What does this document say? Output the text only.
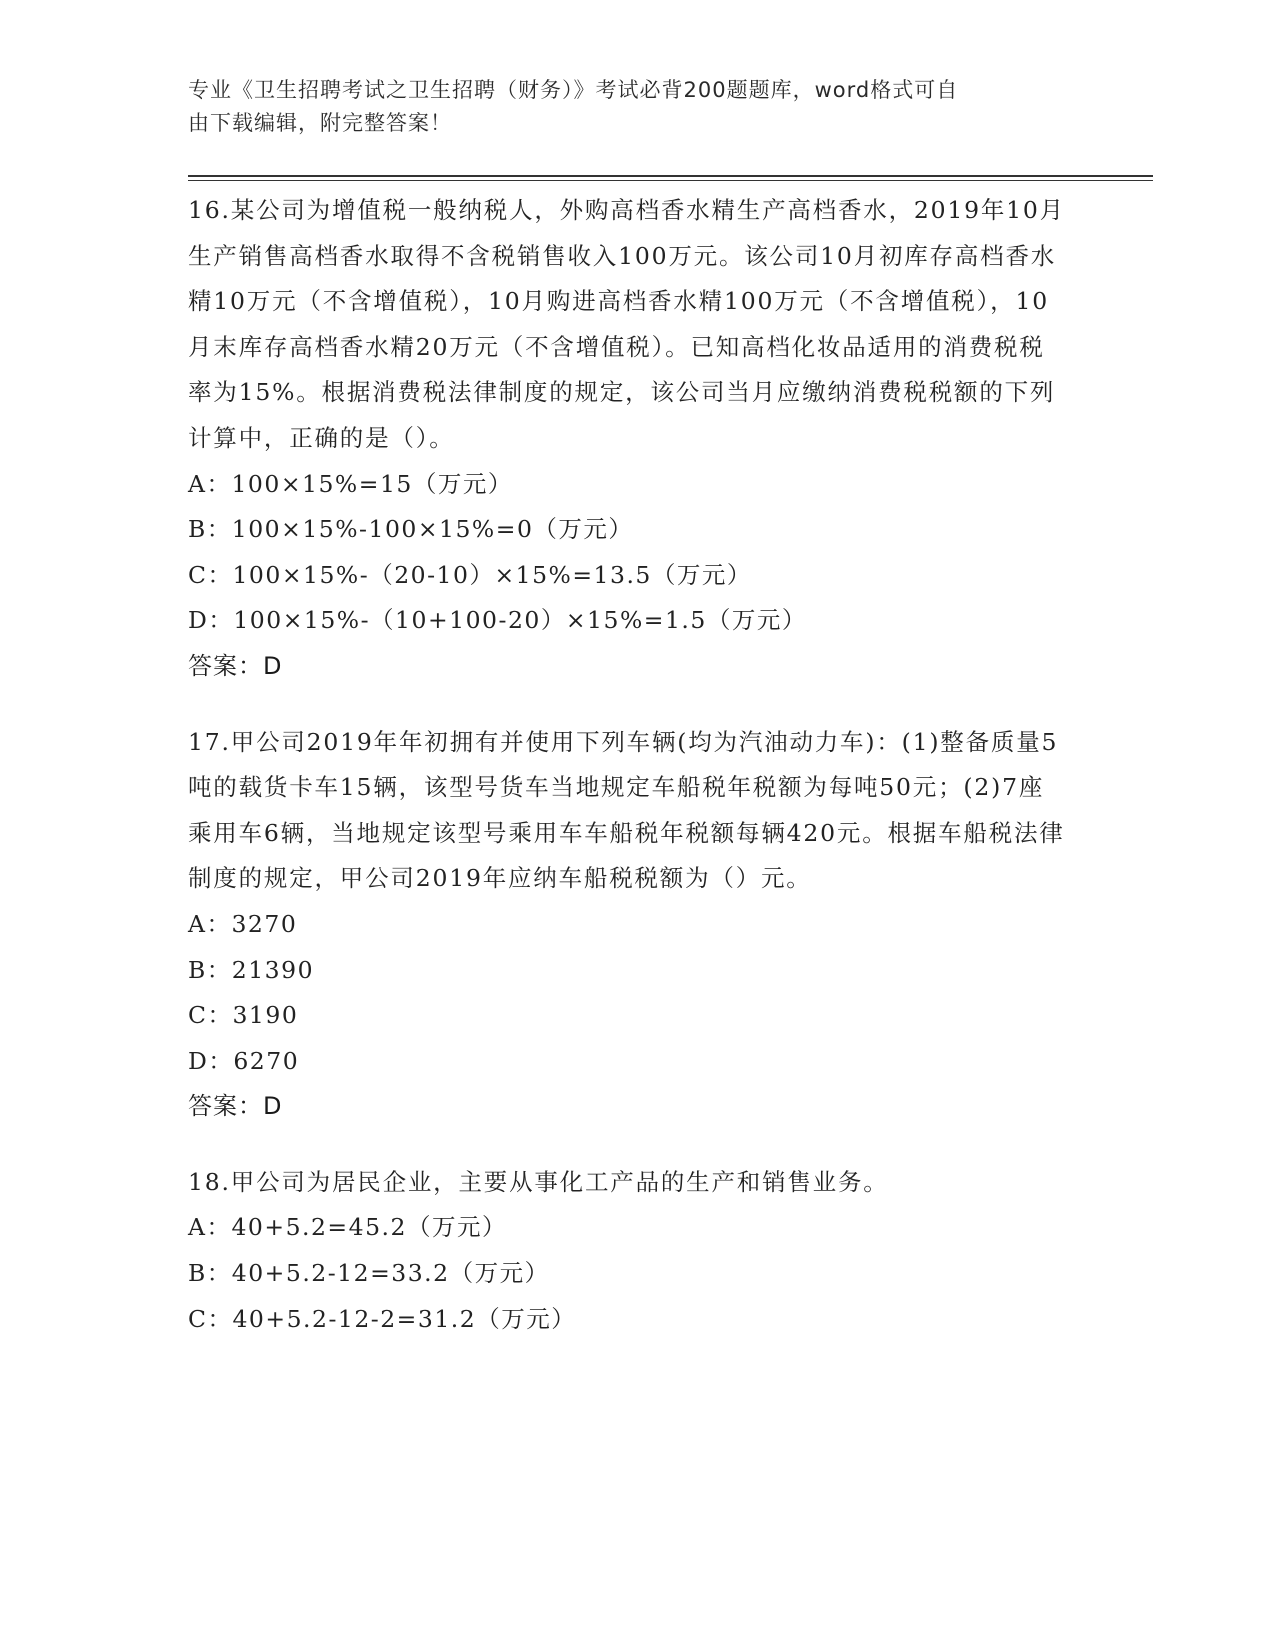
专业《卫生招聘考试之卫生招聘（财务）》考试必背200题题库，word格式可自
由下载编辑，附完整答案！

16.某公司为增值税一般纳税人，外购高档香水精生产高档香水，2019年10月生产销售高档香水取得不含税销售收入100万元。该公司10月初库存高档香水精10万元（不含增值税），10月购进高档香水精100万元（不含增值税），10月末库存高档香水精20万元（不含增值税）。已知高档化妆品适用的消费税税率为15%。根据消费税法律制度的规定，该公司当月应缴纳消费税税额的下列计算中，正确的是（）。

A：100×15%=15（万元）

B：100×15%-100×15%=0（万元）

C：100×15%-（20-10）×15%=13.5（万元）

D：100×15%-（10+100-20）×15%=1.5（万元）

答案：D

17.甲公司2019年年初拥有并使用下列车辆(均为汽油动力车)：(1)整备质量5吨的载货卡车15辆，该型号货车当地规定车船税年税额为每吨50元；(2)7座乘用车6辆，当地规定该型号乘用车车船税年税额每辆420元。根据车船税法律制度的规定，甲公司2019年应纳车船税税额为（）元。

A：3270

B：21390

C：3190

D：6270

答案：D

18.甲公司为居民企业，主要从事化工产品的生产和销售业务。

A：40+5.2=45.2（万元）

B：40+5.2-12=33.2（万元）

C：40+5.2-12-2=31.2（万元）
